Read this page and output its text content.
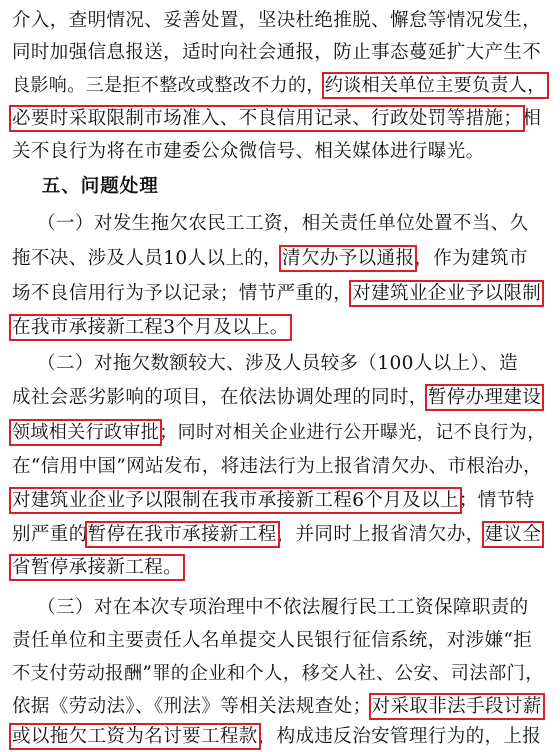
介入，查明情况、妥善处置，坚决杜绝推脱、懈怠等情况发生，
同时加强信息报送，适时向社会通报，防止事态蔓延扩大产生不
良影响。三是拒不整改或整改不力的，约谈相关单位主要负责人，
必要时采取限制市场准入、不良信用记录、行政处罚等措施；相
关不良行为将在市建委公众微信号、相关媒体进行曝光。
五、问题处理
（一）对发生拖欠农民工工资，相关责任单位处置不当、久
拖不决、涉及人员10人以上的，清欠办予以通报，作为建筑市
场不良信用行为予以记录；情节严重的，对建筑业企业予以限制
在我市承接新工程3个月及以上。
（二）对拖欠数额较大、涉及人员较多（100人以上）、造
成社会恶劣影响的项目，在依法协调处理的同时，暂停办理建设
领域相关行政审批；同时对相关企业进行公开曝光，记不良行为，
在“信用中国”网站发布，将违法行为上报省清欠办、市根治办，
对建筑业企业予以限制在我市承接新工程6个月及以上；情节特
别严重的暂停在我市承接新工程，并同时上报省清欠办，建议全
省暂停承接新工程。
（三）对在本次专项治理中不依法履行民工工资保障职责的
责任单位和主要责任人名单提交人民银行征信系统，对涉嫌“拒
不支付劳动报酬”罪的企业和个人，移交人社、公安、司法部门，
依据《劳动法》、《刑法》等相关法规查处；对采取非法手段讨薪
或以拖欠工资为名讨要工程款，构成违反治安管理行为的，上报
